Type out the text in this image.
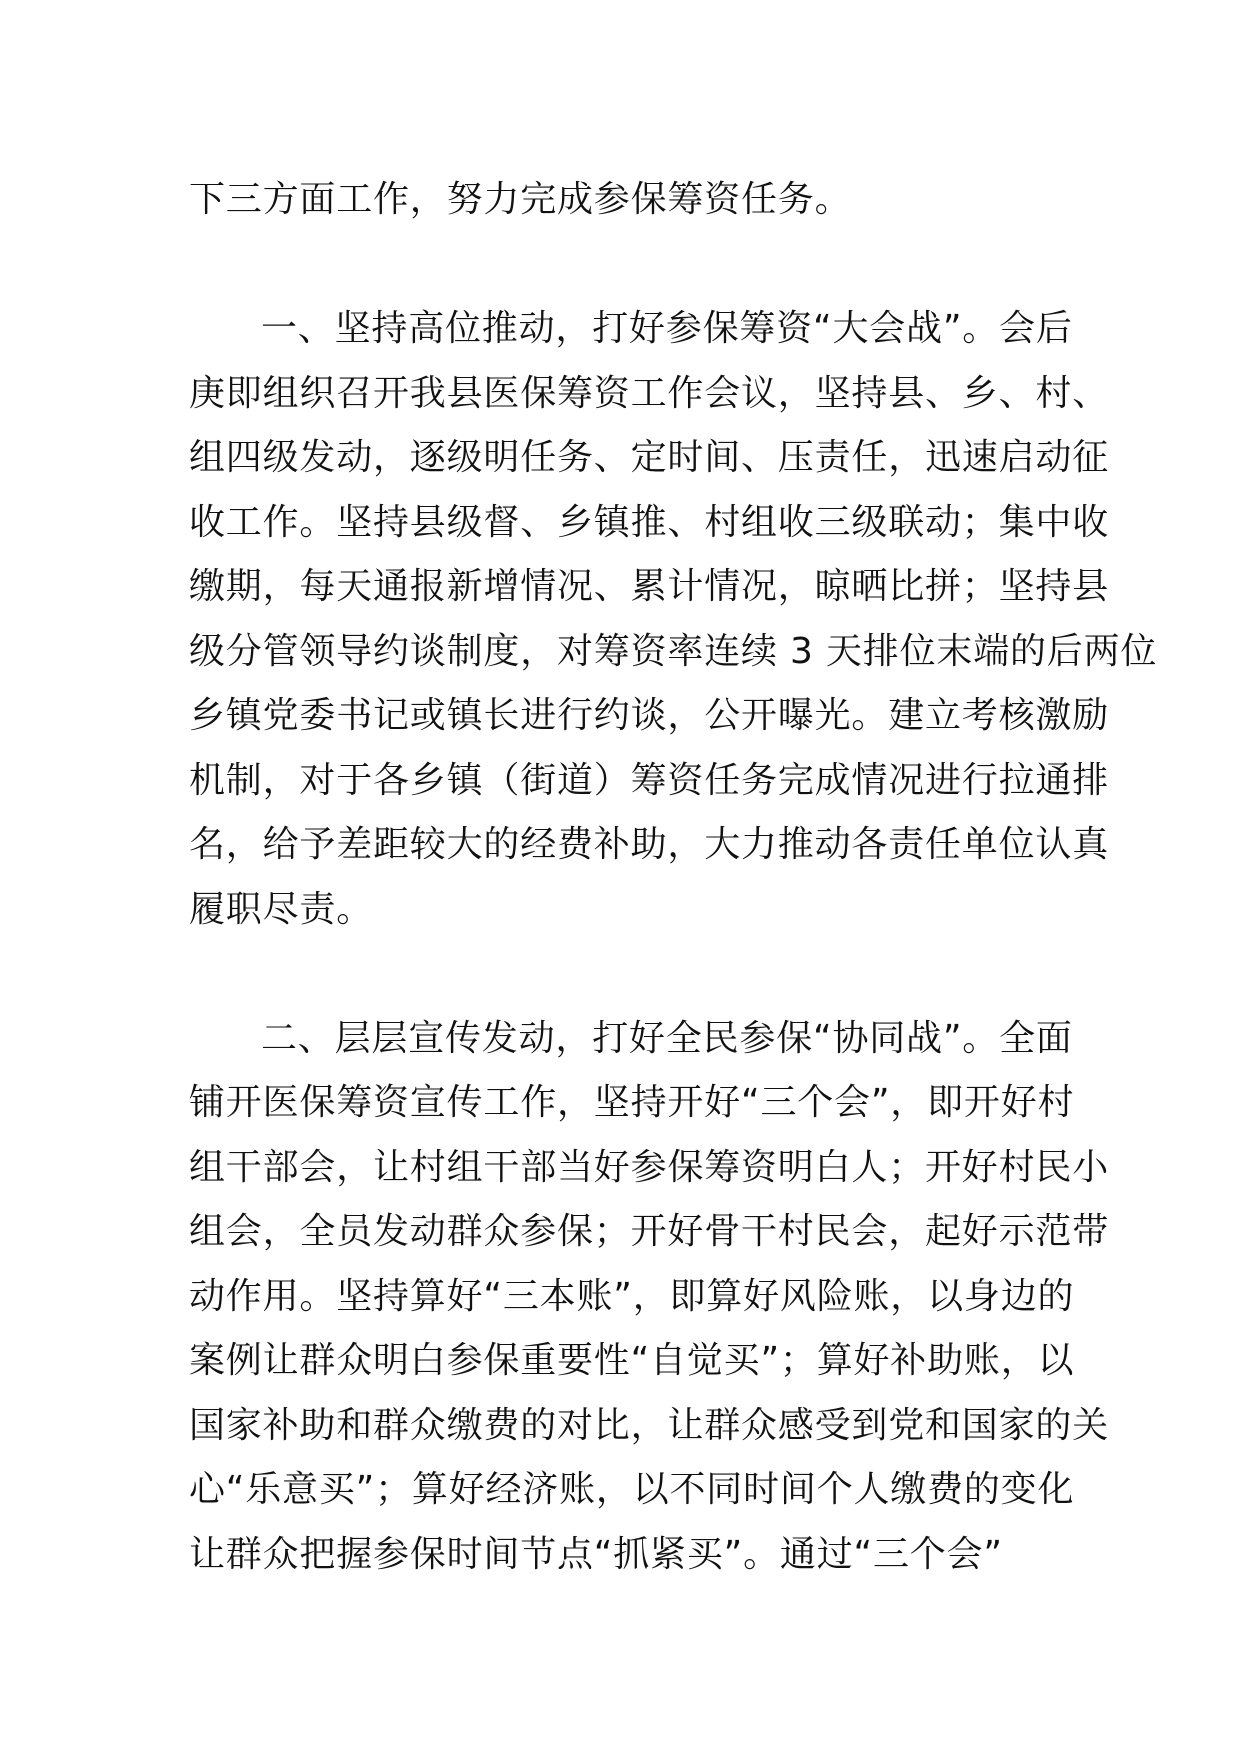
下三方面工作，努力完成参保筹资任务。

一、坚持高位推动，打好参保筹资“大会战”。会后
庚即组织召开我县医保筹资工作会议，坚持县、乡、村、
组四级发动，逐级明任务、定时间、压责任，迅速启动征
收工作。坚持县级督、乡镇推、村组收三级联动；集中收
缴期，每天通报新增情况、累计情况，晾晒比拼；坚持县
级分管领导约谈制度，对筹资率连续 3 天排位末端的后两位
乡镇党委书记或镇长进行约谈，公开曝光。建立考核激励
机制，对于各乡镇（街道）筹资任务完成情况进行拉通排
名，给予差距较大的经费补助，大力推动各责任单位认真
履职尽责。

二、层层宣传发动，打好全民参保“协同战”。全面
铺开医保筹资宣传工作，坚持开好“三个会”，即开好村
组干部会，让村组干部当好参保筹资明白人；开好村民小
组会，全员发动群众参保；开好骨干村民会，起好示范带
动作用。坚持算好“三本账”，即算好风险账，以身边的
案例让群众明白参保重要性“自觉买”；算好补助账，以
国家补助和群众缴费的对比，让群众感受到党和国家的关
心“乐意买”；算好经济账，以不同时间个人缴费的变化
让群众把握参保时间节点“抓紧买”。通过“三个会”
